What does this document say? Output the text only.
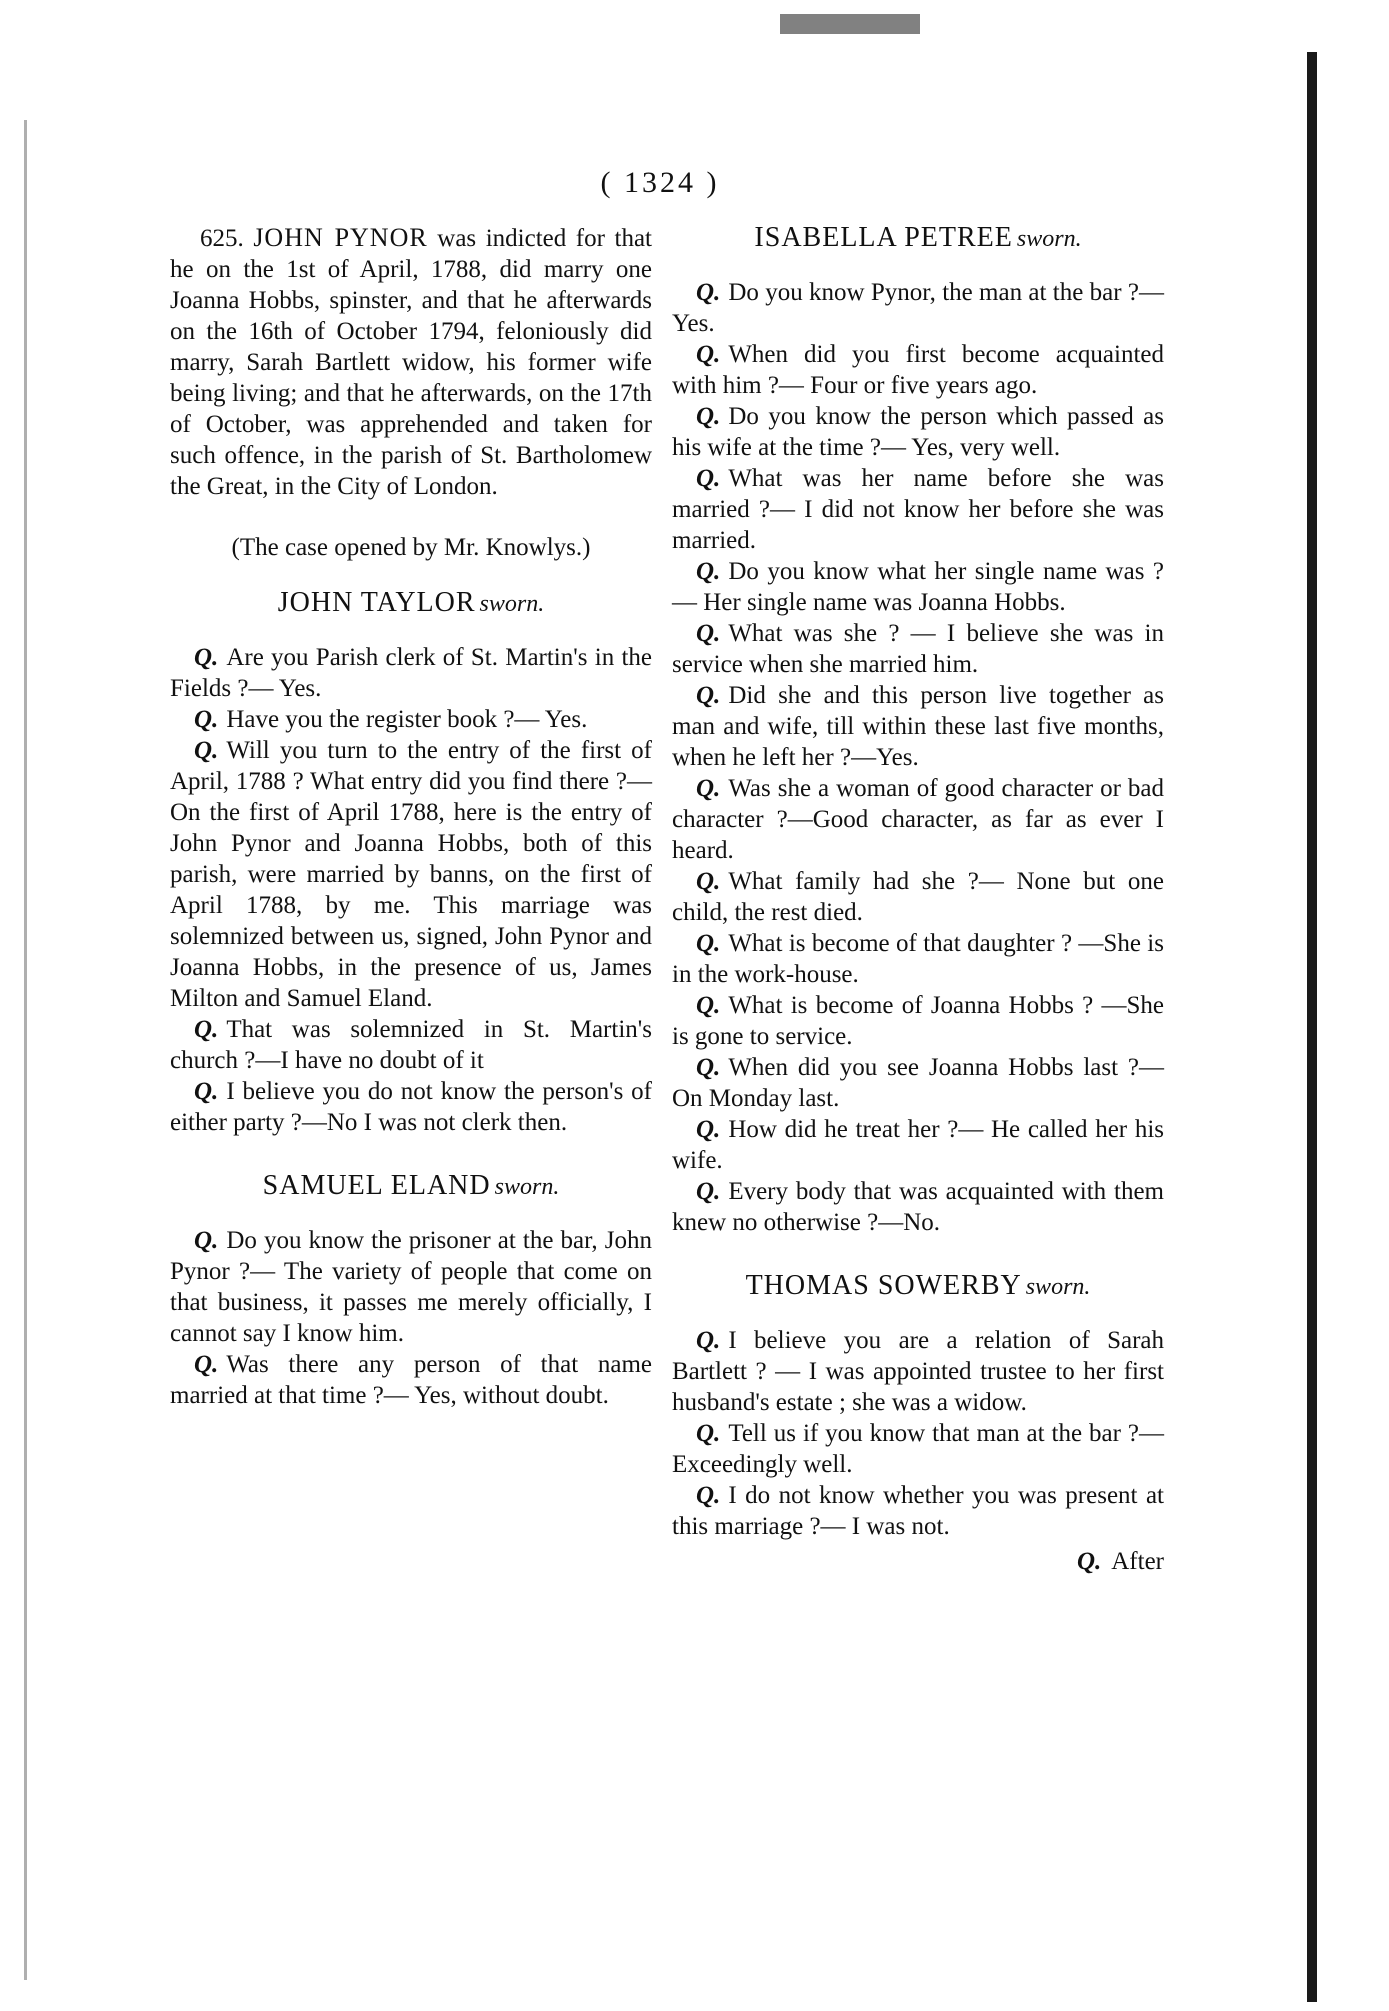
( 1324 )

625. JOHN PYNOR was indicted for that he on the 1st of April, 1788, did marry one Joanna Hobbs, spinster, and that he afterwards on the 16th of October 1794, feloniously did marry, Sarah Bartlett widow, his former wife being living; and that he afterwards, on the 17th of October, was apprehended and taken for such offence, in the parish of St. Bartholomew the Great, in the City of London.

(The case opened by Mr. Knowlys.)

JOHN TAYLOR sworn.

Q. Are you Parish clerk of St. Martin's in the Fields ?— Yes.

Q. Have you the register book ?— Yes.

Q. Will you turn to the entry of the first of April, 1788 ? What entry did you find there ?— On the first of April 1788, here is the entry of John Pynor and Joanna Hobbs, both of this parish, were married by banns, on the first of April 1788, by me. This marriage was solemnized between us, signed, John Pynor and Joanna Hobbs, in the presence of us, James Milton and Samuel Eland.

Q. That was solemnized in St. Martin's church ?—I have no doubt of it

Q. I believe you do not know the person's of either party ?—No I was not clerk then.

SAMUEL ELAND sworn.

Q. Do you know the prisoner at the bar, John Pynor ?— The variety of people that come on that business, it passes me merely officially, I cannot say I know him.

Q. Was there any person of that name married at that time ?— Yes, without doubt.

ISABELLA PETREE sworn.

Q. Do you know Pynor, the man at the bar ?— Yes.

Q. When did you first become acquainted with him ?— Four or five years ago.

Q. Do you know the person which passed as his wife at the time ?— Yes, very well.

Q. What was her name before she was married ?— I did not know her before she was married.

Q. Do you know what her single name was ? — Her single name was Joanna Hobbs.

Q. What was she ? — I believe she was in service when she married him.

Q. Did she and this person live together as man and wife, till within these last five months, when he left her ?—Yes.

Q. Was she a woman of good character or bad character ?—Good character, as far as ever I heard.

Q. What family had she ?— None but one child, the rest died.

Q. What is become of that daughter ? —She is in the work-house.

Q. What is become of Joanna Hobbs ? —She is gone to service.

Q. When did you see Joanna Hobbs last ?— On Monday last.

Q. How did he treat her ?— He called her his wife.

Q. Every body that was acquainted with them knew no otherwise ?—No.

THOMAS SOWERBY sworn.

Q. I believe you are a relation of Sarah Bartlett ? — I was appointed trustee to her first husband's estate ; she was a widow.

Q. Tell us if you know that man at the bar ?—Exceedingly well.

Q. I do not know whether you was present at this marriage ?— I was not.

Q. After
